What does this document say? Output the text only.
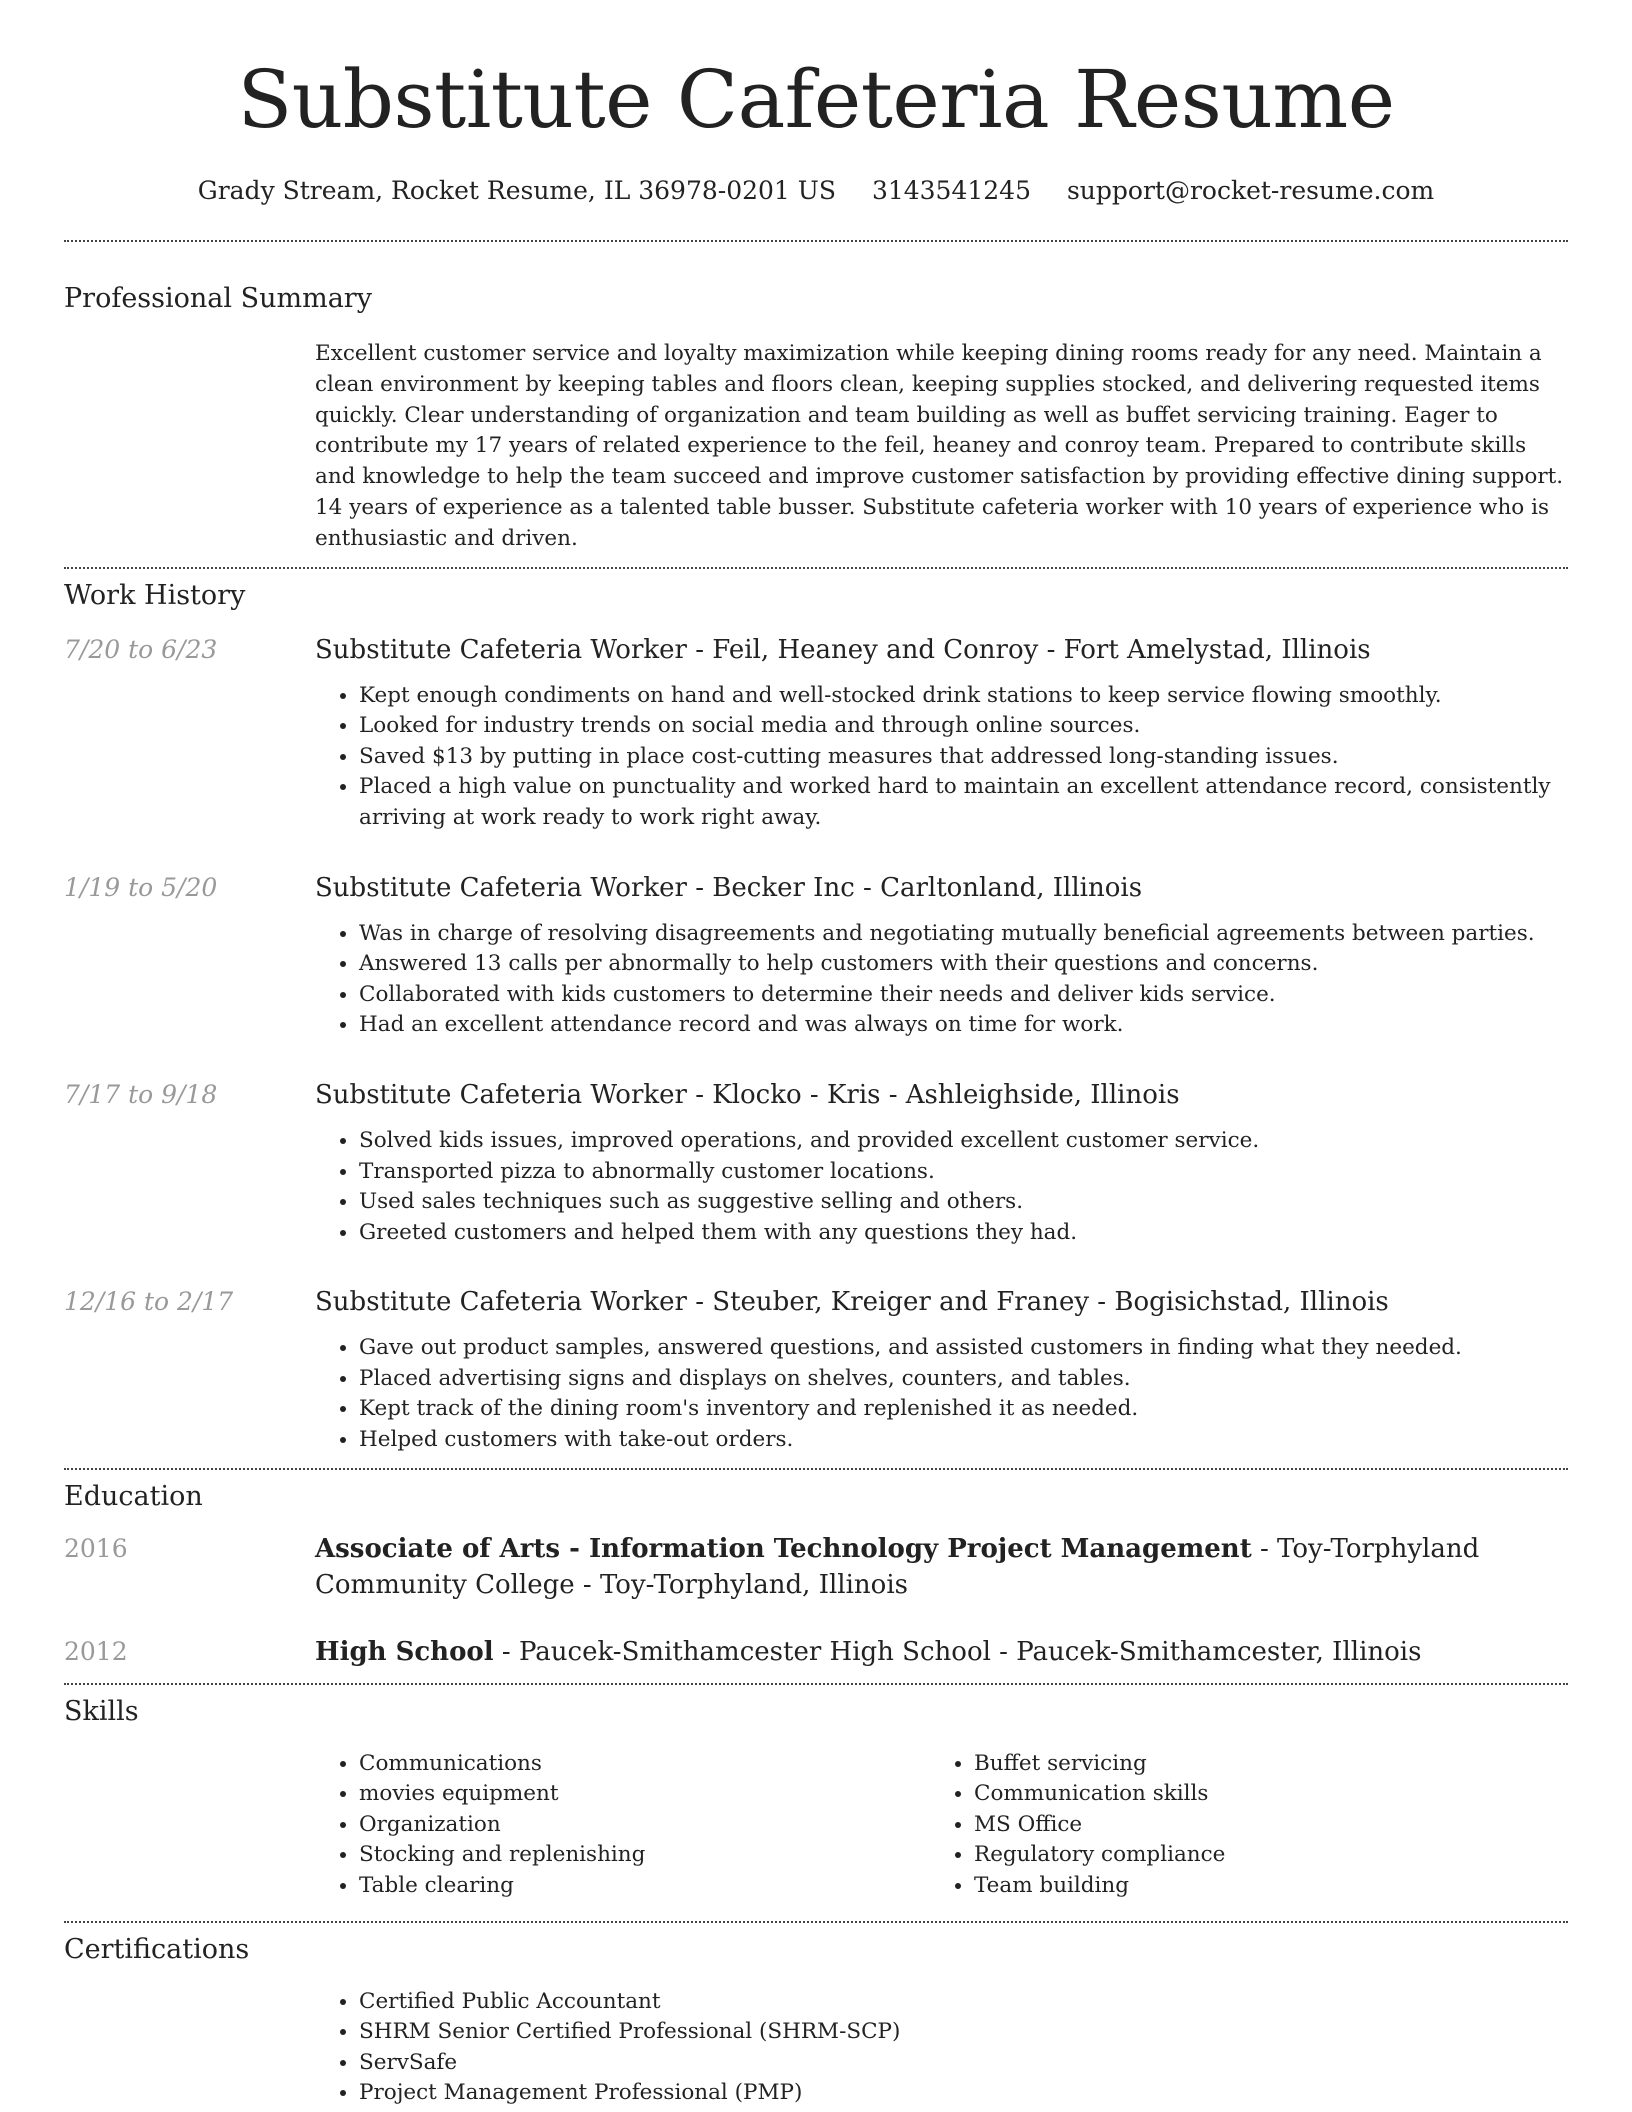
Substitute Cafeteria Resume
Grady Stream, Rocket Resume, IL 36978-0201 US 3143541245 support@rocket-resume.com
Professional Summary
Excellent customer service and loyalty maximization while keeping dining rooms ready for any need. Maintain a clean environment by keeping tables and floors clean, keeping supplies stocked, and delivering requested items quickly. Clear understanding of organization and team building as well as buffet servicing training. Eager to contribute my 17 years of related experience to the feil, heaney and conroy team. Prepared to contribute skills and knowledge to help the team succeed and improve customer satisfaction by providing effective dining support. 14 years of experience as a talented table busser. Substitute cafeteria worker with 10 years of experience who is enthusiastic and driven.
Work History
7/20 to 6/23	Substitute Cafeteria Worker - Feil, Heaney and Conroy - Fort Amelystad, Illinois
• Kept enough condiments on hand and well-stocked drink stations to keep service flowing smoothly.
• Looked for industry trends on social media and through online sources.
• Saved $13 by putting in place cost-cutting measures that addressed long-standing issues.
• Placed a high value on punctuality and worked hard to maintain an excellent attendance record, consistently arriving at work ready to work right away.
1/19 to 5/20	Substitute Cafeteria Worker - Becker Inc - Carltonland, Illinois
• Was in charge of resolving disagreements and negotiating mutually beneficial agreements between parties.
• Answered 13 calls per abnormally to help customers with their questions and concerns.
• Collaborated with kids customers to determine their needs and deliver kids service.
• Had an excellent attendance record and was always on time for work.
7/17 to 9/18	Substitute Cafeteria Worker - Klocko - Kris - Ashleighside, Illinois
• Solved kids issues, improved operations, and provided excellent customer service.
• Transported pizza to abnormally customer locations.
• Used sales techniques such as suggestive selling and others.
• Greeted customers and helped them with any questions they had.
12/16 to 2/17	Substitute Cafeteria Worker - Steuber, Kreiger and Franey - Bogisichstad, Illinois
• Gave out product samples, answered questions, and assisted customers in finding what they needed.
• Placed advertising signs and displays on shelves, counters, and tables.
• Kept track of the dining room's inventory and replenished it as needed.
• Helped customers with take-out orders.
Education
2016	Associate of Arts - Information Technology Project Management - Toy-Torphyland Community College - Toy-Torphyland, Illinois
2012	High School - Paucek-Smithamcester High School - Paucek-Smithamcester, Illinois
Skills
• Communications
• movies equipment
• Organization
• Stocking and replenishing
• Table clearing
• Buffet servicing
• Communication skills
• MS Office
• Regulatory compliance
• Team building
Certifications
• Certified Public Accountant
• SHRM Senior Certified Professional (SHRM-SCP)
• ServSafe
• Project Management Professional (PMP)
